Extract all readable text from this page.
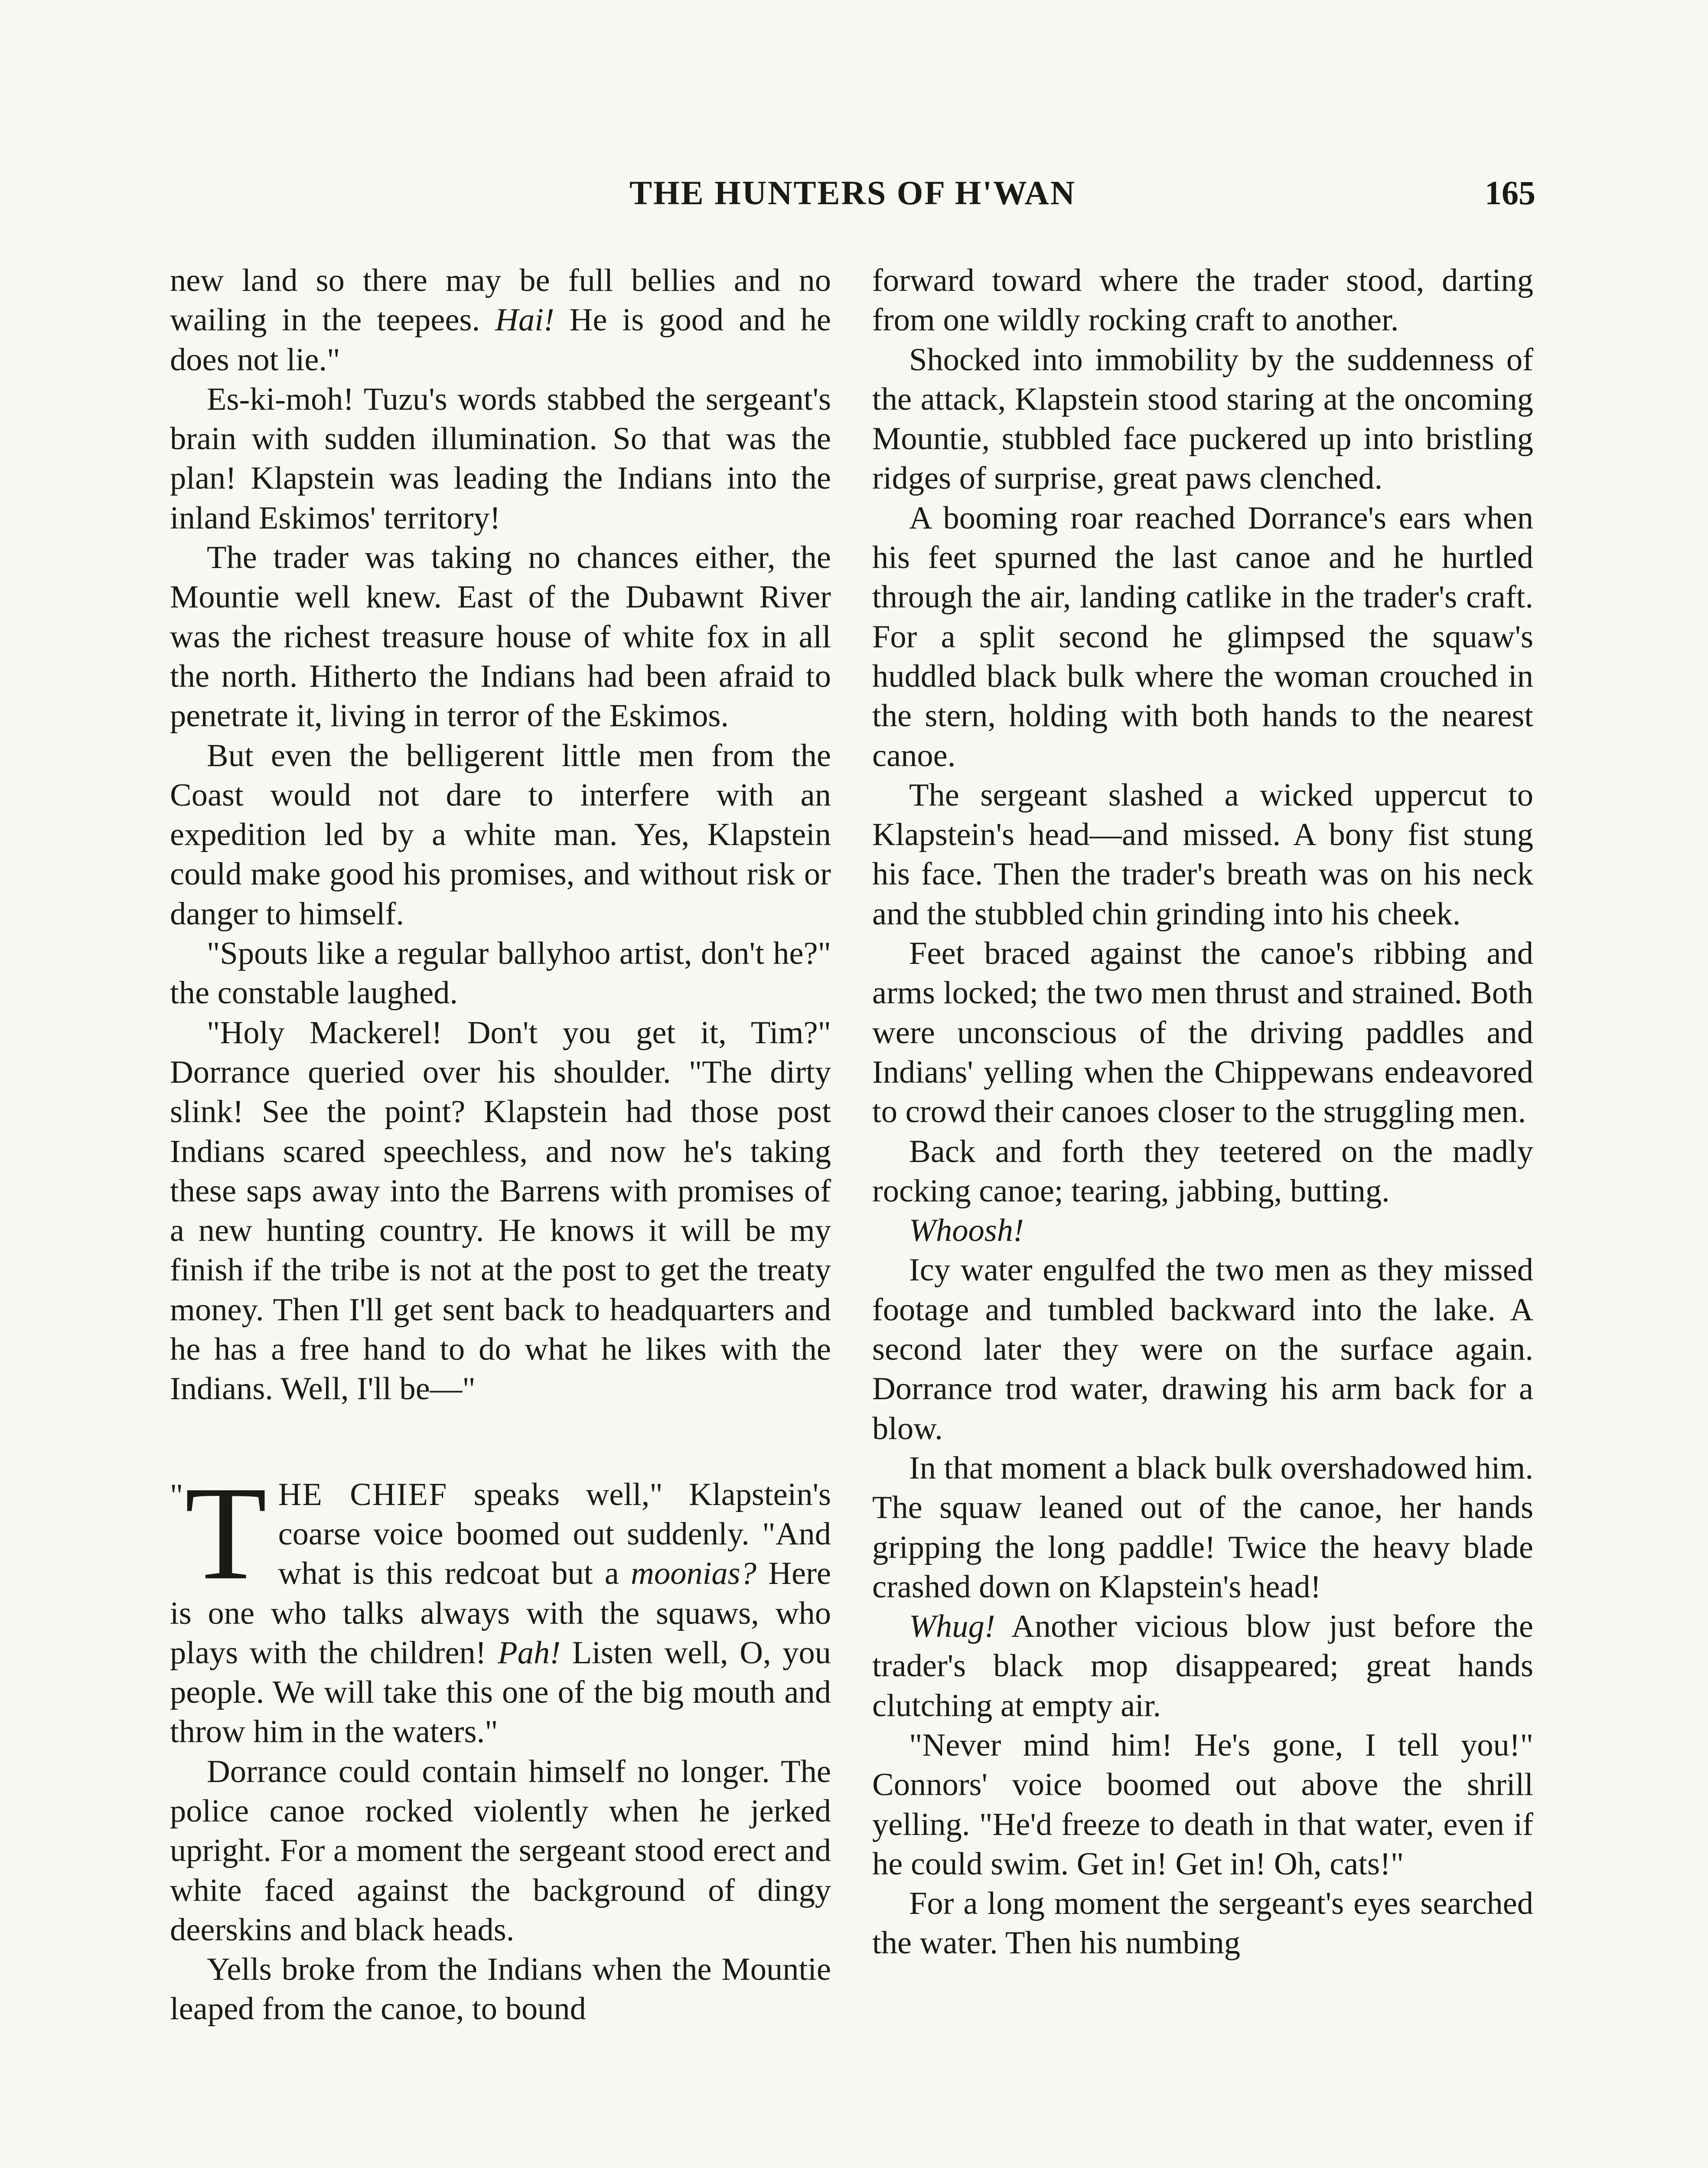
THE HUNTERS OF H'WAN	165

new land so there may be full bellies and no wailing in the teepees. Hai! He is good and he does not lie."

Es-ki-moh! Tuzu's words stabbed the sergeant's brain with sudden illumination. So that was the plan! Klapstein was leading the Indians into the inland Eskimos' territory!

The trader was taking no chances either, the Mountie well knew. East of the Dubawnt River was the richest treasure house of white fox in all the north. Hitherto the Indians had been afraid to penetrate it, living in terror of the Eskimos.

But even the belligerent little men from the Coast would not dare to interfere with an expedition led by a white man. Yes, Klapstein could make good his promises, and without risk or danger to himself.

"Spouts like a regular ballyhoo artist, don't he?" the constable laughed.

"Holy Mackerel! Don't you get it, Tim?" Dorrance queried over his shoulder. "The dirty slink! See the point? Klapstein had those post Indians scared speechless, and now he's taking these saps away into the Barrens with promises of a new hunting country. He knows it will be my finish if the tribe is not at the post to get the treaty money. Then I'll get sent back to headquarters and he has a free hand to do what he likes with the Indians. Well, I'll be—"

" T HE CHIEF speaks well," Klapstein's coarse voice boomed out suddenly. "And what is this redcoat but a moonias? Here is one who talks always with the squaws, who plays with the children! Pah! Listen well, O, you people. We will take this one of the big mouth and throw him in the waters."

Dorrance could contain himself no longer. The police canoe rocked violently when he jerked upright. For a moment the sergeant stood erect and white faced against the background of dingy deerskins and black heads.

Yells broke from the Indians when the Mountie leaped from the canoe, to bound

forward toward where the trader stood, darting from one wildly rocking craft to another.

Shocked into immobility by the suddenness of the attack, Klapstein stood staring at the oncoming Mountie, stubbled face puckered up into bristling ridges of surprise, great paws clenched.

A booming roar reached Dorrance's ears when his feet spurned the last canoe and he hurtled through the air, landing catlike in the trader's craft. For a split second he glimpsed the squaw's huddled black bulk where the woman crouched in the stern, holding with both hands to the nearest canoe.

The sergeant slashed a wicked uppercut to Klapstein's head—and missed. A bony fist stung his face. Then the trader's breath was on his neck and the stubbled chin grinding into his cheek.

Feet braced against the canoe's ribbing and arms locked; the two men thrust and strained. Both were unconscious of the driving paddles and Indians' yelling when the Chippewans endeavored to crowd their canoes closer to the struggling men.

Back and forth they teetered on the madly rocking canoe; tearing, jabbing, butting.

Whoosh!

Icy water engulfed the two men as they missed footage and tumbled backward into the lake. A second later they were on the surface again. Dorrance trod water, drawing his arm back for a blow.

In that moment a black bulk overshadowed him. The squaw leaned out of the canoe, her hands gripping the long paddle! Twice the heavy blade crashed down on Klapstein's head!

Whug! Another vicious blow just before the trader's black mop disappeared; great hands clutching at empty air.

"Never mind him! He's gone, I tell you!" Connors' voice boomed out above the shrill yelling. "He'd freeze to death in that water, even if he could swim. Get in! Get in! Oh, cats!"

For a long moment the sergeant's eyes searched the water. Then his numbing
